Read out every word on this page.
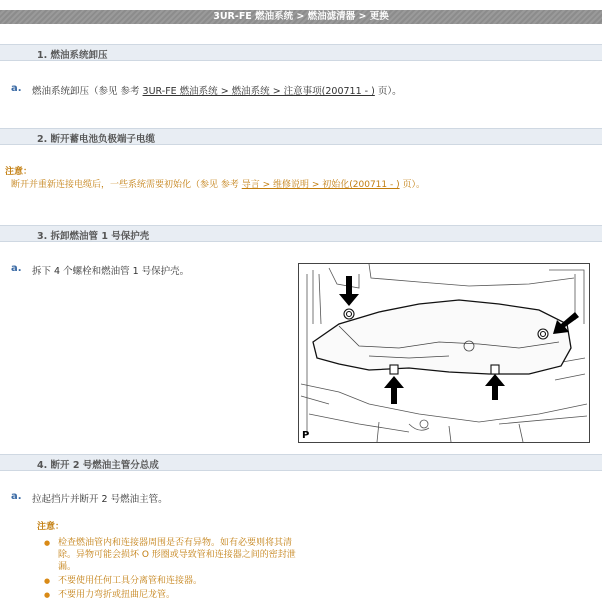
3UR-FE 燃油系统 > 燃油滤清器 > 更换
1. 燃油系统卸压
a. 燃油系统卸压（参见 参考 3UR-FE 燃油系统 > 燃油系统 > 注意事项(200711 - ) 页）。
2. 断开蓄电池负极端子电缆
注意：
断开并重新连接电缆后，一些系统需要初始化（参见 参考 导言 > 维修说明 > 初始化(200711 - ) 页）。
3. 拆卸燃油管 1 号保护壳
a. 拆下 4 个螺栓和燃油管 1 号保护壳。
P
4. 断开 2 号燃油主管分总成
a. 拉起挡片并断开 2 号燃油主管。
注意：
● 检查燃油管内和连接器周围是否有异物。如有必要则将其清除。异物可能会损坏 O 形圈或导致管和连接器之间的密封泄漏。
● 不要使用任何工具分离管和连接器。
● 不要用力弯折或扭曲尼龙管。
